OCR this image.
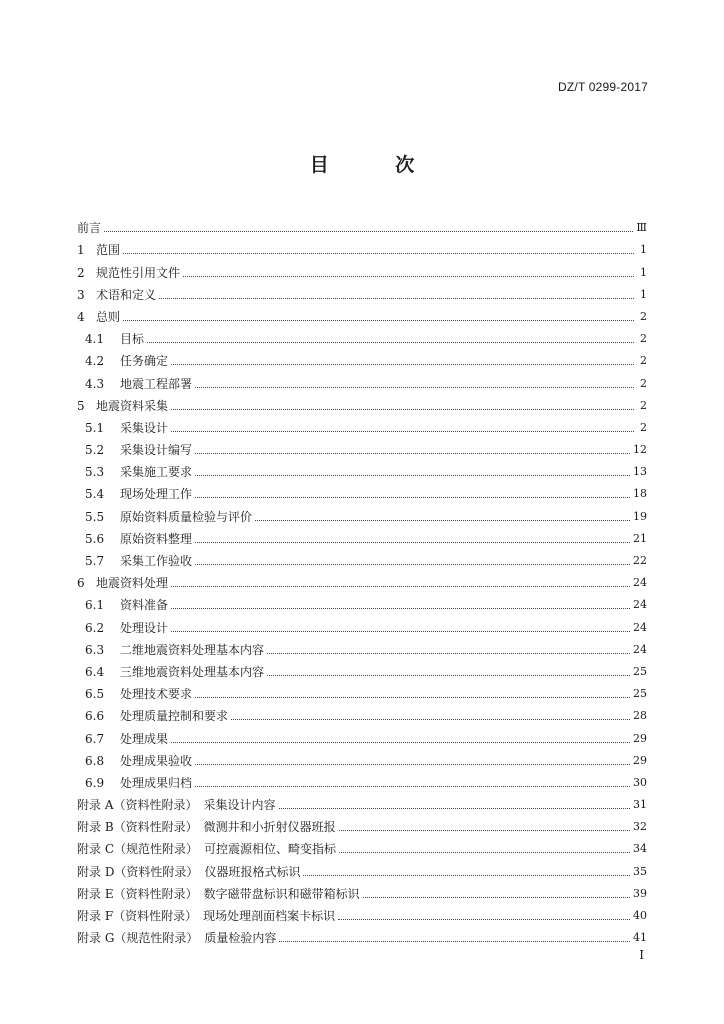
DZ/T 0299-2017
目 次
前言	Ⅲ
1 范围	1
2 规范性引用文件	1
3 术语和定义	1
4 总则	2
4.1	目标	2
4.2	任务确定	2
4.3	地震工程部署	2
5 地震资料采集	2
5.1	采集设计	2
5.2	采集设计编写	12
5.3	采集施工要求	13
5.4	现场处理工作	18
5.5	原始资料质量检验与评价	19
5.6	原始资料整理	21
5.7	采集工作验收	22
6 地震资料处理	24
6.1	资料准备	24
6.2	处理设计	24
6.3	二维地震资料处理基本内容	24
6.4	三维地震资料处理基本内容	25
6.5	处理技术要求	25
6.6	处理质量控制和要求	28
6.7	处理成果	29
6.8	处理成果验收	29
6.9	处理成果归档	30
附录 A（资料性附录） 采集设计内容	31
附录 B（资料性附录） 微测井和小折射仪器班报	32
附录 C（规范性附录） 可控震源相位、畸变指标	34
附录 D（资料性附录） 仪器班报格式标识	35
附录 E（资料性附录） 数字磁带盘标识和磁带箱标识	39
附录 F（资料性附录） 现场处理剖面档案卡标识	40
附录 G（规范性附录） 质量检验内容	41
I
